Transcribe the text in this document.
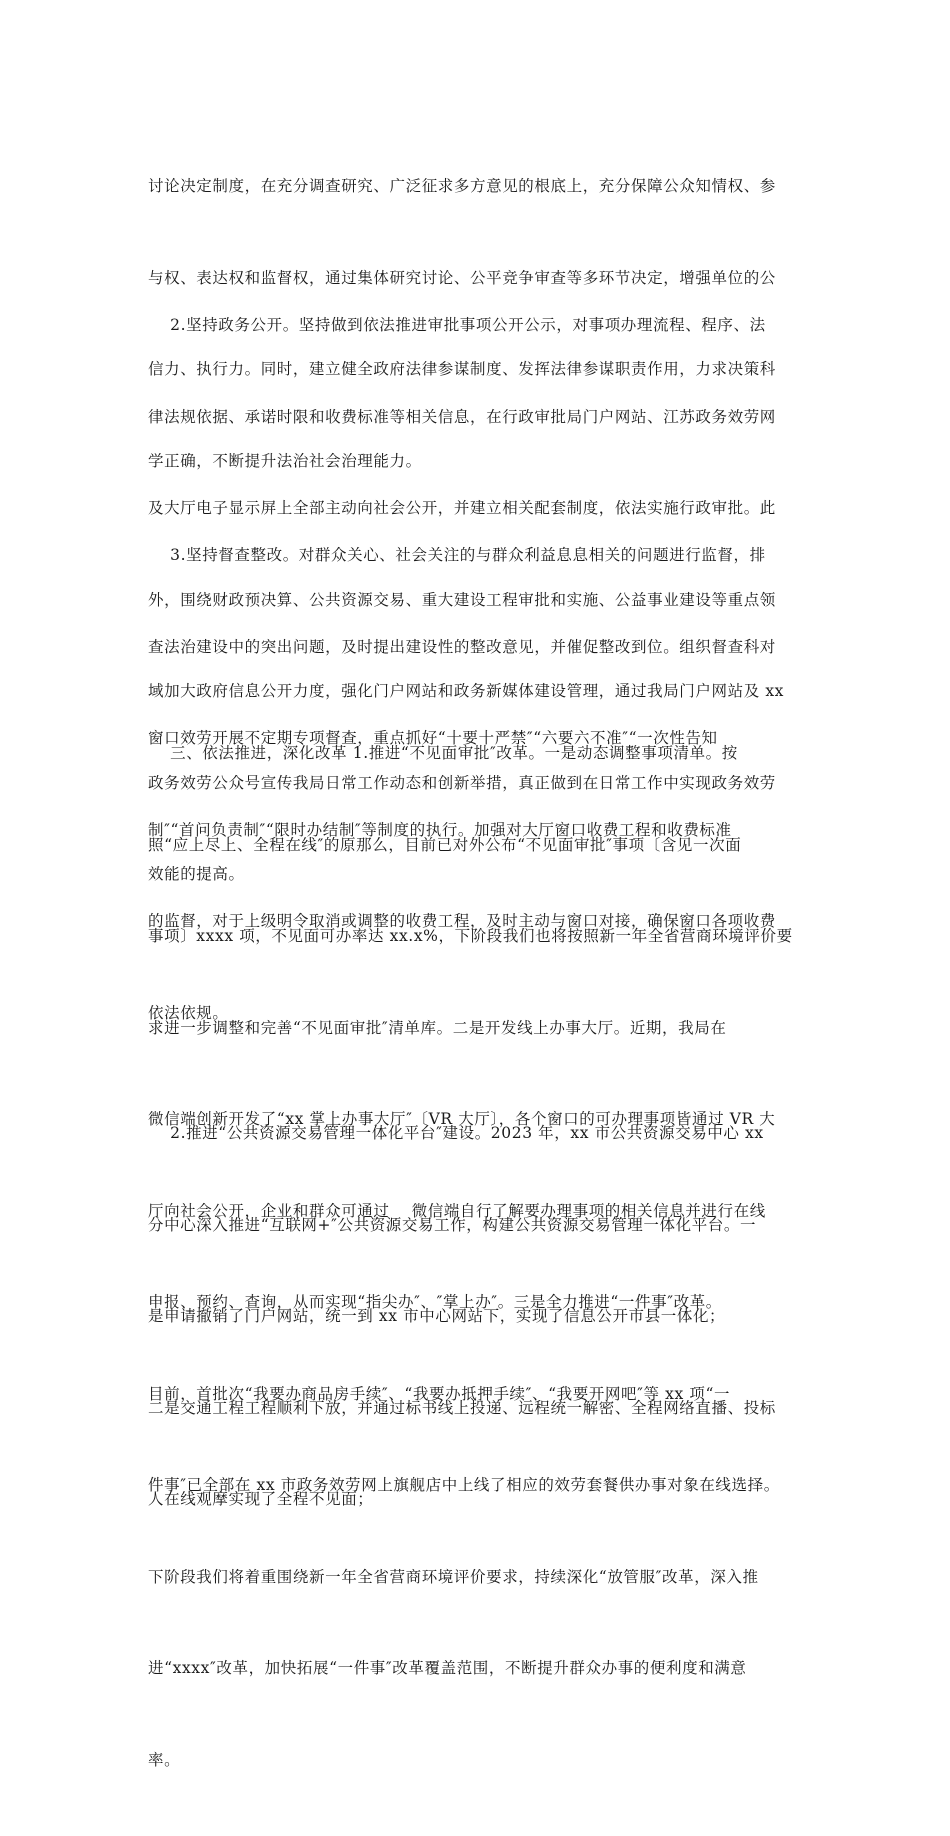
讨论决定制度，在充分调查研究、广泛征求多方意见的根底上，充分保障公众知情权、参

与权、表达权和监督权，通过集体研究讨论、公平竞争审查等多环节决定，增强单位的公

信力、执行力。同时，建立健全政府法律参谋制度、发挥法律参谋职责作用，力求决策科

学正确，不断提升法治社会治理能力。

2.坚持政务公开。坚持做到依法推进审批事项公开公示，对事项办理流程、程序、法

律法规依据、承诺时限和收费标准等相关信息，在行政审批局门户网站、江苏政务效劳网

及大厅电子显示屏上全部主动向社会公开，并建立相关配套制度，依法实施行政审批。此

外，围绕财政预决算、公共资源交易、重大建设工程审批和实施、公益事业建设等重点领

域加大政府信息公开力度，强化门户网站和政务新媒体建设管理，通过我局门户网站及 xx

政务效劳公众号宣传我局日常工作动态和创新举措，真正做到在日常工作中实现政务效劳

效能的提高。

3.坚持督查整改。对群众关心、社会关注的与群众利益息息相关的问题进行监督，排

查法治建设中的突出问题，及时提出建设性的整改意见，并催促整改到位。组织督查科对

窗口效劳开展不定期专项督查，重点抓好“十要十严禁″“六要六不准″“一次性告知

制″“首问负责制″“限时办结制″等制度的执行。加强对大厅窗口收费工程和收费标准

的监督，对于上级明令取消或调整的收费工程，及时主动与窗口对接，确保窗口各项收费

依法依规。

三、依法推进，深化改革 1.推进“不见面审批″改革。一是动态调整事项清单。按

照“应上尽上、全程在线″的原那么，目前已对外公布“不见面审批″事项〔含见一次面

事项〕xxxx 项，不见面可办率达 xx.x%，下阶段我们也将按照新一年全省营商环境评价要

求进一步调整和完善“不见面审批″清单库。二是开发线上办事大厅。近期，我局在

微信端创新开发了“xx 掌上办事大厅″〔VR 大厅〕，各个窗口的可办理事项皆通过 VR 大

厅向社会公开，企业和群众可通过    微信端自行了解要办理事项的相关信息并进行在线

申报、预约、查询，从而实现“指尖办″、″掌上办″。三是全力推进“一件事″改革。

目前，首批次“我要办商品房手续″、“我要办抵押手续″、“我要开网吧″等 xx 项“一

件事″已全部在 xx 市政务效劳网上旗舰店中上线了相应的效劳套餐供办事对象在线选择。

下阶段我们将着重围绕新一年全省营商环境评价要求，持续深化“放管服″改革，深入推

进“xxxx″改革，加快拓展“一件事″改革覆盖范围，不断提升群众办事的便利度和满意

率。

2.推进“公共资源交易管理一体化平台″建设。2023 年，xx 市公共资源交易中心 xx

分中心深入推进“互联网+″公共资源交易工作，构建公共资源交易管理一体化平台。一

是申请撤销了门户网站，统一到 xx 市中心网站下，实现了信息公开市县一体化；

二是交通工程工程顺利下放，并通过标书线上投递、远程统一解密、全程网络直播、投标

人在线观摩实现了全程不见面；
